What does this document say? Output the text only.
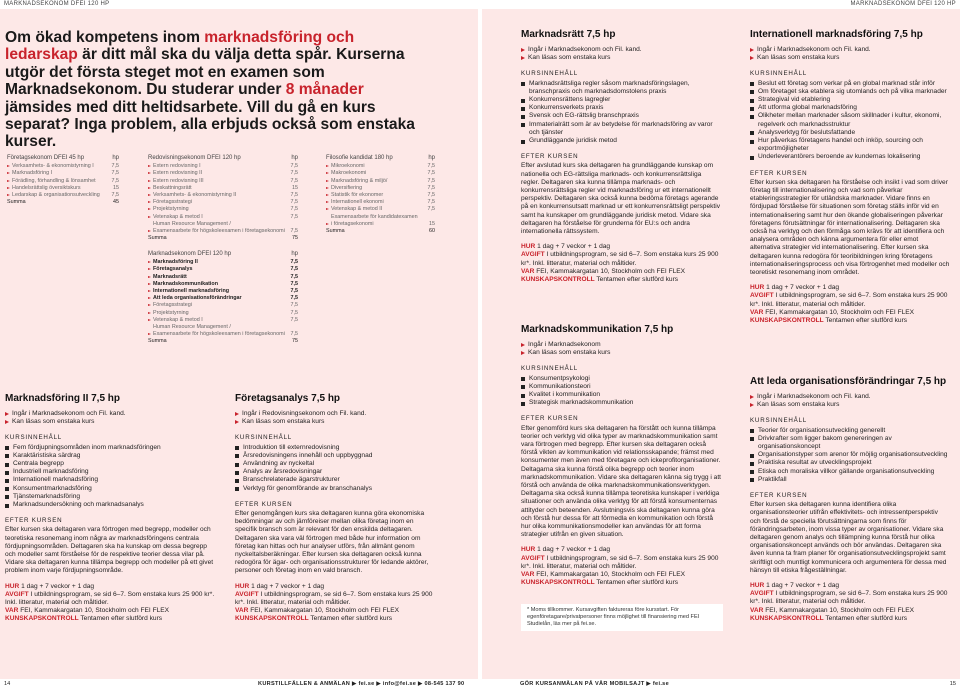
MARKNADSEKONOM DFEI 120 HP	MARKNADSEKONOM DFEI 120 HP
Om ökad kompetens inom marknadsföring och ledarskap är ditt mål ska du välja detta spår. Kurserna utgör det första steget mot en examen som Marknadsekonom. Du studerar under 8 månader jämsides med ditt heltidsarbete. Vill du gå en kurs separat? Inga problem, alla erbjuds också som enstaka kurser.
Företagsekonom DFEI 45 hp	hp
Verksamhets- & ekonomistyrning I	7,5
Marknadsföring I	7,5
Förädling, förhandling & lönsamhet	7,5
Handelsrättslig översiktskurs	15
Ledarskap & organisationsutveckling 7,5
Summa	45
Redovisningsekonom DFEI 120 hp	hp
Extern redovisning I	7,5
Extern redovisning II	7,5
Extern redovisning III	7,5
Beskattningsrätt	15
Verksamhets- & ekonomistyrning II	7,5
Företagsstrategi	7,5
Projektstyrning	7,5
Vetenskap & metod I	7,5
Human Resource Management /
Examensarbete för högskoleexamen i företagsekonomi 7,5
Summa	75
Marknadsekonom DFEI 120 hp	hp
Marknadsföring II	7,5
Företagsanalys	7,5
Marknadsrätt	7,5
Marknadskommunikation	7,5
Internationell marknadsföring	7,5
Att leda organisationsförändringar	7,5
Företagsstrategi	7,5
Projektstyrning	7,5
Vetenskap & metod I	7,5
Human Resource Management /
Examensarbete för högskoleexamen i företagsekonomi 7,5
Summa	75
Filosofie kandidat 180 hp	hp
Mikroekonomi	7,5
Makroekonomi	7,5
Marknadsföring & miljö/	7,5
Diversifiering	7,5
Statistik för ekonomer	7,5
Internationell ekonomi	7,5
Vetenskap & metod II	7,5
Examensarbete för kandidatexamen
i företagsekonomi	15
Summa	60
Marknadsföring II 7,5 hp
Ingår i Marknadsekonom och Fil. kand.
Kan läsas som enstaka kurs
KURSINNEHÅLL
Fem fördjupningsområden inom marknadsföringen
Karaktäristiska särdrag
Centrala begrepp
Industriell marknadsföring
Internationell marknadsföring
Konsumentmarknadsföring
Tjänstemarknadsföring
Marknadsundersökning och marknadsanalys
EFTER KURSEN

Efter kursen ska deltagaren vara förtrogen med begrepp, modeller och teoretiska resonemang inom några av marknadsföringens centrala fördjupningsområden. Deltagaren ska ha kunskap om dessa begrepp och modeller samt förståelse för de respektive teorier dessa vilar på. Vidare ska deltagaren kunna tillämpa begrepp och modeller på ett givet problem inom varje fördjupningsområde.

HUR 1 dag + 7 veckor + 1 dag

AVGIFT I utbildningsprogram, se sid 6–7. Som enstaka kurs 25 900 kr*. Inkl. litteratur, material och måltider.

VAR FEI, Kammakargatan 10, Stockholm och FEI FLEX

KUNSKAPSKONTROLL Tentamen efter slutförd kurs

Företagsanalys 7,5 hp
Ingår i Redovisningsekonom och Fil. kand.
Kan läsas som enstaka kurs
KURSINNEHÅLL
Introduktion till externredovisning
Årsredovisningens innehåll och uppbyggnad
Användning av nyckeltal
Analys av årsredovisningar
Branschrelaterade ägarstrukturer
Verktyg för genomförande av branschanalys
EFTER KURSEN

Efter genomgången kurs ska deltagaren kunna göra ekonomiska bedömningar av och jämföreiser mellan olika företag inom en specifik bransch som är relevant för den enskilda deltagaren. Deltagaren ska vara väl förtrogen med både hur information om företag kan hittas och hur analyser utförs, från allmänt genom nyckeltalsberäkningar. Efter kursen ska deltagaren också kunna redogöra för ägar- och organisationsstrukturer för ledande aktörer, personer och företag inom en vald bransch.

HUR 1 dag + 7 veckor + 1 dag

AVGIFT I utbildningsprogram, se sid 6–7. Som enstaka kurs 25 900 kr*. Inkl. litteratur, material och måltider.

VAR FEI, Kammakargatan 10, Stockholm och FEI FLEX

KUNSKAPSKONTROLL Tentamen efter slutförd kurs

Marknadsrätt 7,5 hp
Ingår i Marknadsekonom och Fil. kand.
Kan läsas som enstaka kurs
KURSINNEHÅLL
Marknadsrättsliga regler såsom marknadsföringslagen, branschpraxis och marknadsdomstolens praxis
Konkurrensrättens lagregler
Konkurrensverkets praxis
Svensk och EG-rättslig branschpraxis
Immaterialrätt som är av betydelse för marknadsföring av varor och tjänster
Grundläggande juridisk metod
EFTER KURSEN

Efter avslutad kurs ska deltagaren ha grundläggande kunskap om nationella och EG-rättsliga marknads- och konkurrensrättsliga regler. Deltagaren ska kunna tillämpa marknads- och konkurrensrättsliga regler vid marknadsföring ur ett internationellt perspektiv. Deltagaren ska också kunna bedöma företags agerande på en konkurrensutsatt marknad ur ett konkurrensrättsligt perspektiv samt ha kunskaper om grundläggande juridisk metod. Vidare ska deltagaren ha förståelse för grunderna för EU:s och andra internationella rättssystem.

HUR 1 dag + 7 veckor + 1 dag

AVGIFT I utbildningsprogram, se sid 6–7. Som enstaka kurs 25 900 kr*. Inkl. litteratur, material och måltider.

VAR FEI, Kammakargatan 10, Stockholm och FEI FLEX

KUNSKAPSKONTROLL Tentamen efter slutförd kurs

Marknadskommunikation 7,5 hp
Ingår i Marknadsekonom
Kan läsas som enstaka kurs
KURSINNEHÅLL
Konsumentpsykologi
Kommunikationsteori
Kvalitet i kommunikation
Strategisk marknadskommunikation
EFTER KURSEN

Efter genomförd kurs ska deltagaren ha förstått och kunna tillämpa teorier och verktyg vid olika typer av marknadskommunikation samt vara förtrogen med begrepp. Efter kursen ska deltagaren också förstå vikten av kommunikation vid relationsskapande; främst med konsumenter men även med företagare och ickeprofitorganisationer. Deltagarna ska kunna förstå olika begrepp och teorier inom marknadskommunikation. Vidare ska deltagaren känna sig trygg i att förstå och använda de olika marknadskommunikationsverktygen. Deltagarna ska också kunna tillämpa teoretiska kunskaper i verkliga situationer och använda olika verktyg för att förstå konsumenternas attityder och beteenden. Avslutningsvis ska deltagaren kunna göra och förstå hur dessa för att förmedla en kommunikation och förstå hur olika kommunikationsmodeller kan användas för att forma strategier utifrån en given situation.

HUR 1 dag + 7 veckor + 1 dag

AVGIFT I utbildningsprogram, se sid 6–7. Som enstaka kurs 25 900 kr*. Inkl. litteratur, material och måltider.

VAR FEI, Kammakargatan 10, Stockholm och FEI FLEX

KUNSKAPSKONTROLL Tentamen efter slutförd kurs

Internationell marknadsföring 7,5 hp
Ingår i Marknadsekonom och Fil. kand.
Kan läsas som enstaka kurs
KURSINNEHÅLL
Beslut ett företag som verkar på en global marknad står inför
Om företaget ska etablera sig utomlands och på vilka marknader
Strategival vid etablering
Att utforma global marknadsföring
Olikheter mellan marknader såsom skillnader i kultur, ekonomi, regelverk och marknadsstruktur
Analysverktyg för beslutsfattande
Hur påverkas företagens handel och inköp, sourcing och exportmöjligheter
Underleverantörers beroende av kundernas lokalisering
EFTER KURSEN

Efter kursen ska deltagaren ha förståelse och insikt i vad som driver företag till internationalisering och vad som påverkar etableringsstrategier för utländska marknader. Vidare finns en fördjupad förståelse för situationen som företag ställs inför vid en internationalisering samt hur den ökande globaliseringen påverkar företagens förutsättningar för internationalisering. Deltagaren ska också ha verktyg och den förmåga som krävs för att identifiera och analysera områden och känna argumentera för eller emot alternativa strategier vid internationalisering. Efter kursen ska deltagaren kunna redogöra för teoribildningen kring företagens internationaliseringsprocess och visa förtrogenhet med modeller och teoretiskt resonemang inom området.

HUR 1 dag + 7 veckor + 1 dag

AVGIFT I utbildningsprogram, se sid 6–7. Som enstaka kurs 25 900 kr*. Inkl. litteratur, material och måltider.

VAR FEI, Kammakargatan 10, Stockholm och FEI FLEX

KUNSKAPSKONTROLL Tentamen efter slutförd kurs

Att leda organisationsförändringar 7,5 hp
Ingår i Marknadsekonom och Fil. kand.
Kan läsas som enstaka kurs
KURSINNEHÅLL
Teorier för organisationsutveckling generellt
Drivkrafter som ligger bakom genereringen av organisationskoncept
Organisationstyper som arenor för möjlig organisationsutveckling
Praktiska resultat av utvecklingsprojekt
Etiska och moraliska villkor gällande organisationsutveckling
Praktikfall
EFTER KURSEN

Efter kursen ska deltagaren kunna identifiera olika organisationsteorier utifrån effektivitets- och intressentperspektiv och förstå de speciella förutsättningarna som finns för förändringsarbeten, inom vissa typer av organisationer. Vidare ska deltagaren genom analys och tillämpning kunna förstå hur olika organisationskoncept används och bör användas. Deltagaren ska även kunna ta fram planer för organisationsutvecklingsprojekt samt skriftligt och muntligt kommunicera och argumentera för dessa med hänsyn till etiska frågeställningar.

HUR 1 dag + 7 veckor + 1 dag

AVGIFT I utbildningsprogram, se sid 6–7. Som enstaka kurs 25 900 kr*. Inkl. litteratur, material och måltider.

VAR FEI, Kammakargatan 10, Stockholm och FEI FLEX

KUNSKAPSKONTROLL Tentamen efter slutförd kurs

* Moms tillkommer. Kursavgiften faktureras före kursstart. För egenföretagare/privatpersoner finns möjlighet till finansiering med FEI Studielån, läs mer på fei.se.
14	KURSTILLFÄLLEN & ANMÄLAN ▶ fei.se ▶ info@fei.se ▶ 08-545 137 90	GÖR KURSANMÄLAN PÅ VÅR MOBILSAJT ▶ fei.se	15
